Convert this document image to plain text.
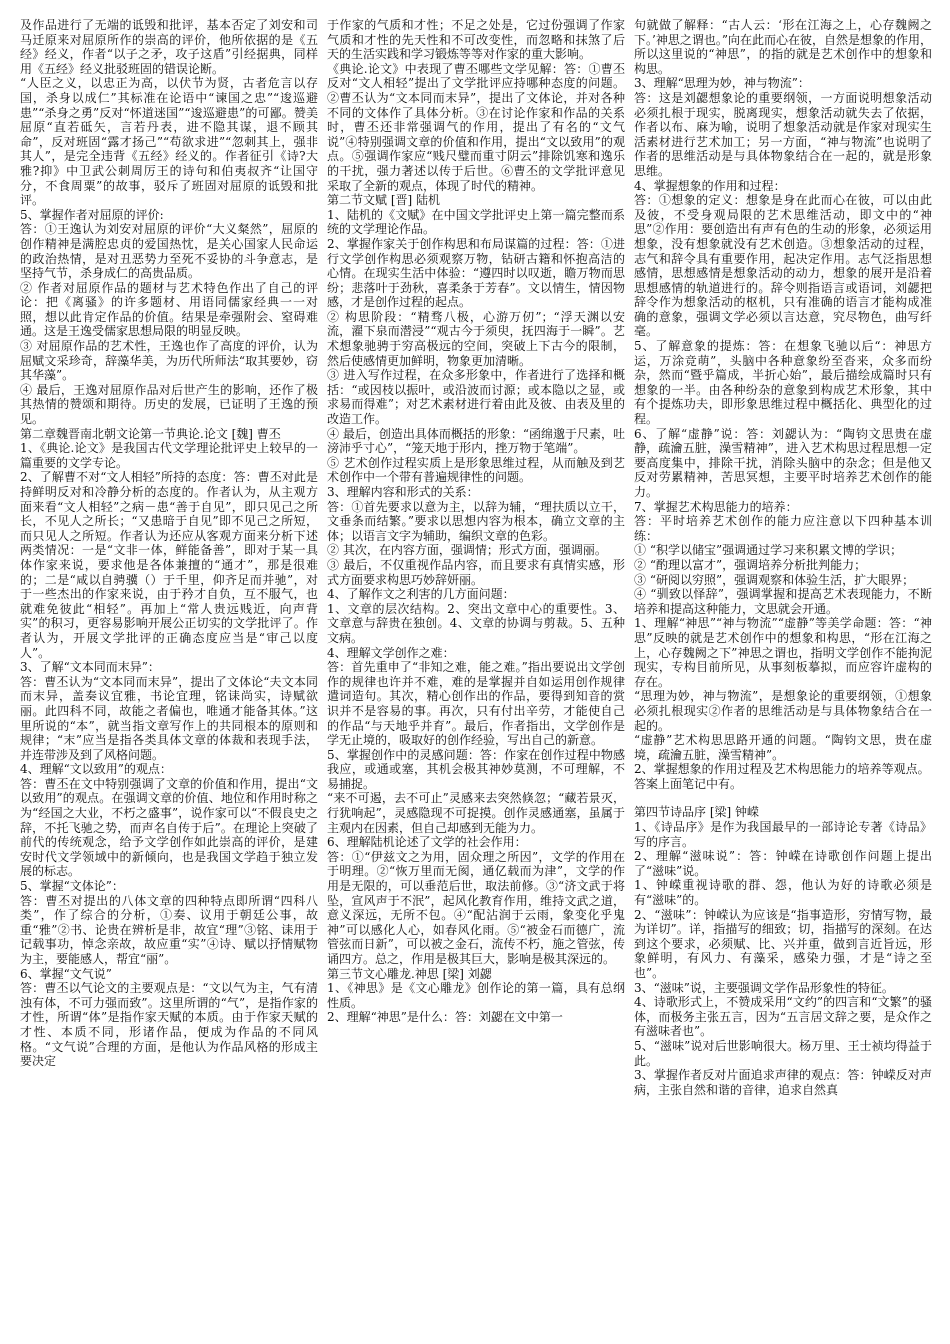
及作品进行了无端的诋毁和批评，基本否定了刘安和司马迁原来对屈原所作的崇高的评价，他所依据的是《五经》经义，作者“以子之矛，攻子这盾”引经据典，同样用《五经》经义批驳班固的错误论断。

“人臣之义，以忠正为高，以伏节为贤，古者危言以存国，杀身以成仁”其标准在论语中“谏国之忠”“逡巡避患”“杀身之勇”反对“怀道迷国”“逡巡避患”的可鄙。赞美屈原“直若砥矢，言若丹表，进不隐其谋，退不顾其命”，反对班固“露才扬己”“苟欲求进”“忽刺其上，强非其人”，是完全违背《五经》经义的。作者征引《诗?大雅?抑》中卫武公刺周厉王的诗句和伯夷叔齐“让国守分，不食周粟”的故事，驳斥了班固对屈原的诋毁和批评。

5、掌握作者对屈原的评价:

答：①王逸认为刘安对屈原的评价“大义粲然”，屈原的创作精神是满腔忠贞的爱国热忱，是关心国家人民命运的政治热情，是对丑恶势力至死不妥协的斗争意志，是坚持气节，杀身成仁的高贵品质。

② 作者对屈原作品的题材与艺术特色作出了自己的评论：把《离骚》的许多题材、用语同儒家经典一一对照，想以此肯定作品的价值。结果是牵强附会、窒碍难通。这是王逸受儒家思想局限的明显反映。

③ 对屈原作品的艺术性，王逸也作了高度的评价，认为屈赋文采珍奇，辞藻华美，为历代所师法“取其要妙，窃其华藻”。

④ 最后，王逸对屈原作品对后世产生的影响，还作了极其热情的赞颂和期待。历史的发展，已证明了王逸的预见。

第二章魏晋南北朝文论第一节典论.论文 [魏] 曹丕

1、《典论.论文》是我国古代文学理论批评史上较早的一篇重要的文学专论。

2、了解曹不对“文人相轻”所持的态度：答：曹丕对此是持鲜明反对和冷静分析的态度的。作者认为，从主观方面来看“文人相轻”之病－患“善于自见”，即只见己之所长，不见人之所长；“又患暗于自见”即不见己之所短，而只见人之所短。作者认为还应从客观方面来分析下述两类情况：一是“文非一体，鲜能备善”，即对于某一具体作家来说，要求他是各体兼擅的“通才”，那是很难的；二是“咸以自骋骥（）于千里，仰齐足而并驰”，对于一些杰出的作家来说，由于矜才自负，互不服气，也就难免彼此“相轻”。再加上“常人贵远贱近，向声背实”的积习，更容易影响开展公正切实的文学批评了。作者认为，开展文学批评的正确态度应当是“审己以度人”。

3、了解“文本同而末异”：

答：曹丕认为“文本同而末异”，提出了文体论“夫文本同而末异，盖奏议宜雅，书论宜理，铭诔尚实，诗赋欲丽。此四科不同，故能之者偏也，唯通才能备其体。”这里所说的“本”，就当指文章写作上的共同根本的原则和规律；“末”应当是指各类具体文章的体裁和表现手法，并连带涉及到了风格问题。

4、理解“文以致用”的观点：

答：曹丕在文中特别强调了文章的价值和作用，提出“文以致用”的观点。在强调文章的价值、地位和作用时称之为“经国之大业，不朽之盛事”，说作家可以“不假良史之辞，不托飞驰之势，而声名自传于后”。在理论上突破了前代的传统观念，给予文学创作如此崇高的评价，是建安时代文学领域中的新倾向，也是我国文学趋于独立发展的标志。

5、掌握“文体论”：

答：曹丕对提出的八体文章的四种特点即所谓“四科八类”，作了综合的分析，①奏、议用于朝廷公事，故重“雅”②书、论贵在辨析是非，故宜“理”③铭、诔用于记载事功，悼念亲故，故应重“实”④诗、赋以抒情赋物为主，要能感人，帮宜“丽”。

6、掌握“文气说”

答：曹丕以气论文的主要观点是：“文以气为主，气有清浊有体，不可力强而致”。这里所谓的“气”，是指作家的才性，所谓“体”是指作家天赋的本质。由于作家天赋的才性、本质不同，形诸作品，便成为作品的不同风格。“文气说”合理的方面，是他认为作品风格的形成主要决定

于作家的气质和才性；不足之处是，它过份强调了作家气质和才性的先天性和不可改变性，而忽略和抹煞了后天的生活实践和学习锻炼等等对作家的重大影响。

《典论.论文》中表现了曹丕哪些文学见解：答：①曹丕反对“文人相轻”提出了文学批评应持哪种态度的问题。②曹丕认为“文本同而末异”，提出了文体论，并对各种不同的文体作了具体分析。③在讨论作家和作品的关系时，曹丕还非常强调气的作用，提出了有名的“文气说”④特别强调文章的价值和作用，提出“文以致用”的观点。⑤强调作家应“贱尺璧而重寸阴云”排除饥寒和逸乐的干扰，强力著述以传于后世。⑥曹丕的文学批评意见采取了全新的观点，体现了时代的精神。

第二节文赋 [晋] 陆机

1、陆机的《文赋》在中国文学批评史上第一篇完整而系统的文学理论作品。

2、掌握作家关于创作构思和布局谋篇的过程：答：①进行文学创作构思必须观察万物，钻研古籍和怀抱高洁的心情。在现实生活中体验：“遵四时以叹逝，瞻万物而思纷；悲落叶于劲秋，喜柔条于芳春”。文以情生，情因物感，才是创作过程的起点。

② 构思阶段：“精骛八极，心游万仞”；“浮天渊以安流，濯下泉而潜浸”“观古今于须臾，抚四海于一瞬”。艺术想象驰骋于穷高极远的空间，突破上下古今的限制，然后使感情更加鲜明，物象更加清晰。

③ 进入写作过程，在众多形象中，作者进行了选择和概括：“或因枝以振叶，或沿波而讨源；或本隐以之显，或求易而得难”；对艺术素材进行着由此及彼、由表及里的改造工作。

④ 最后，创造出具体而概括的形象：“函绵邈于尺素，吐滂沛乎寸心”，“笼天地于形内，挫万物于笔端”。

⑤ 艺术创作过程实质上是形象思维过程，从而触及到艺术创作中一个带有普遍规律性的问题。

3、理解内容和形式的关系：

答：①首先要求以意为主，以辞为辅，“理扶质以立干，文垂条而结繁。”要求以思想内容为根本，确立文章的主体；以语言文字为辅助，编织文章的色彩。

② 其次，在内容方面，强调情；形式方面，强调丽。

③ 最后，不仅重视作品内容，而且要求有真情实感，形式方面要求构思巧妙辞妍丽。

4、了解作文之利害的几方面问题：

1、文章的层次结构。2、突出文章中心的重要性。3、文章意与辞贵在独创。4、文章的协调与剪裁。5、五种文病。

4、理解文学创作之难：

答：首先重申了“非知之难，能之难。”指出要说出文学创作的规律也许并不难，难的是掌握并自如运用创作规律遣词造句。其次，精心创作出的作品，要得到知音的赏识并不是容易的事。再次，只有付出辛劳，才能使自己的作品“与天地乎并育”。最后，作者指出，文学创作是学无止境的，吸取好的创作经验，写出自己的新意。

5、掌握创作中的灵感问题：答：作家在创作过程中物感我应，或通或塞，其机会极其神妙莫测，不可理解，不易捕捉。

“来不可遏，去不可止”灵感来去突然倏忽；“藏若景灭，行犹响起”，灵感隐现不可捉摸。创作灵感通塞，虽属于主观内在因素，但自己却感到无能为力。

6、理解陆机论述了文学的社会作用：

答：①“伊兹文之为用，固众理之所因”，文学的作用在于明理。②“恢万里而无阂，通亿载而为津”，文学的作用是无限的，可以垂范后世，取法前修。③“济文武于将坠，宣风声于不泯”，起风化教育作用，维持文武之道，意义深远，无所不包。④“配沾润于云雨，象变化乎鬼神”可以感化人心，如春风化雨。⑤“被金石而德广，流管弦而日新”，可以被之金石，流传不朽，施之管弦，传诵四方。总之，作用是极其巨大，影响是极其深远的。

第三节文心雕龙.神思 [梁] 刘勰

1、《神思》是《文心雕龙》创作论的第一篇，具有总纲性质。

2、理解“神思”是什么：答：刘勰在文中第一

句就做了解释：“古人云：‘形在江海之上，心存魏阙之下。’神思之谓也。”向在此而心在彼，自然是想象的作用，所以这里说的“神思”，的指的就是艺术创作中的想象和构思。

3、理解“思理为妙，神与物流”：

答：这是刘勰想象论的重要纲领，一方面说明想象活动必须扎根于现实，脱离现实，想象活动就失去了依据，作者以布、麻为喻，说明了想象活动就是作家对现实生活素材进行艺术加工；另一方面，“神与物流”也说明了作者的思维活动是与具体物象结合在一起的，就是形象思维。

4、掌握想象的作用和过程：

答：①想象的定义：想象是身在此而心在彼，可以由此及彼，不受身观局限的艺术思维活动，即文中的“神思”②作用：要创造出有声有色的生动的形象，必须运用想象，没有想象就没有艺术创造。③想象活动的过程，志气和辞令具有重要作用，起决定作用。志气泛指思想感情，思想感情是想象活动的动力，想象的展开是沿着思想感情的轨道进行的。辞令则指语言或语词，刘勰把辞令作为想象活动的枢机，只有准确的语言才能构成准确的意象，强调文学必须以言达意，究尽物色，曲写纤毫。

5、了解意象的提炼：答：在想象飞驰以后“：神思方运，万涂竞萌”，头脑中各种意象纷至沓来，众多而纷杂，然而“暨乎篇成，半折心始”，最后描绘成篇时只有想象的一半。由各种纷杂的意象到构成艺术形象，其中有个提炼功夫，即形象思维过程中概括化、典型化的过程。

6、了解“虚静”说：答：刘勰认为：“陶钧文思贵在虚静，疏瀹五脏，澡雪精神”，进入艺术构思过程思想一定要高度集中，排除干扰，消除头脑中的杂念；但是他又反对劳累精神，苦思冥想，主要平时培养艺术创作的能力。

7、掌握艺术构思能力的培养：

答：平时培养艺术创作的能力应注意以下四种基本训练：

① “积学以储宝”强调通过学习来积累文博的学识；

② “酌理以富才”，强调培养分析批判能力；

③ “研阅以穷照”，强调观察和体验生活，扩大眼界；

④ “驯致以怿辞”，强调掌握和提高艺术表现能力，不断培养和提高这种能力，文思就会开通。

1、理解“神思”“神与物流”“虚静”等美学命题：答：“神思”反映的就是艺术创作中的想象和构思，“形在江海之上，心存魏阙之下”神思之谓也，指明文学创作不能拘泥现实，专构目前所见，从事刻板摹拟，而应容许虚构的存在。

“思理为妙，神与物流”，是想象论的重要纲领，①想象必须扎根现实②作者的思维活动是与具体物象结合在一起的。

“虚静”艺术构思思路开通的问题。“陶钧文思，贵在虚境，疏瀹五脏，澡雪精神”。

2、掌握想象的作用过程及艺术构思能力的培养等观点。

答案上面笔记中有。

第四节诗品序 [梁] 钟嵘

1、《诗品序》是作为我国最早的一部诗论专著《诗品》写的序言。

2、理解“滋味说”：答：钟嵘在诗歌创作问题上提出了“滋味”说。

1、钟嵘重视诗歌的群、怨，他认为好的诗歌必须是有“滋味”的。

2、“滋味”：钟嵘认为应该是“指事造形，穷情写物，最为详切”。详，指描写的细致；切，指描写的深刻。在达到这个要求，必须赋、比、兴并重，做到言近旨远，形象鲜明，有风力、有藻采，感染力强，才是“诗之至也”。

3、“滋味”说，主要强调文学作品形象性的特征。

4、诗歌形式上，不赞成采用“文约”的四言和“文繁”的骚体，而极务主张五言，因为“五言居文辞之要，是众作之有滋味者也”。

5、“滋味”说对后世影响很大。杨万里、王士祯均得益于此。

3、掌握作者反对片面追求声律的观点：答：钟嵘反对声病，主张自然和谐的音律，追求自然真
